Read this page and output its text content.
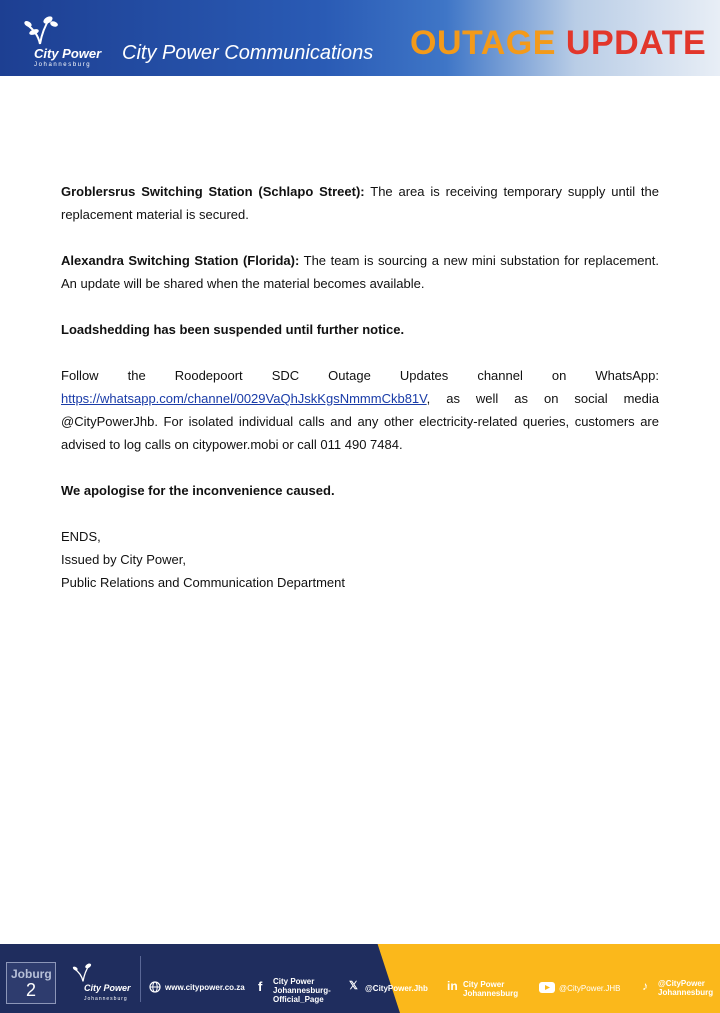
City Power
Johannesburg
City Power Communications OUTAGE UPDATE

Groblersrus Switching Station (Schlapo Street): The area is receiving temporary supply until the replacement material is secured.

Alexandra Switching Station (Florida): The team is sourcing a new mini substation for replacement. An update will be shared when the material becomes available.

Loadshedding has been suspended until further notice.

Follow the Roodepoort SDC Outage Updates channel on WhatsApp: https://whatsapp.com/channel/0029VaQhJskKgsNmmmCkb81V, as well as on social media @CityPowerJhb. For isolated individual calls and any other electricity-related queries, customers are advised to log calls on citypower.mobi or call 011 490 7484.

We apologise for the inconvenience caused.

ENDS,

Issued by City Power,

Public Relations and Communication Department

Joburg
2	City Power
Johannesburg
www.citypower.co.za f City Power Johannesburg- Official_Page
𝕏 @CityPower.Jhb in City Power Johannesburg
@CityPower.JHB ♪ @CityPower Johannesburg
